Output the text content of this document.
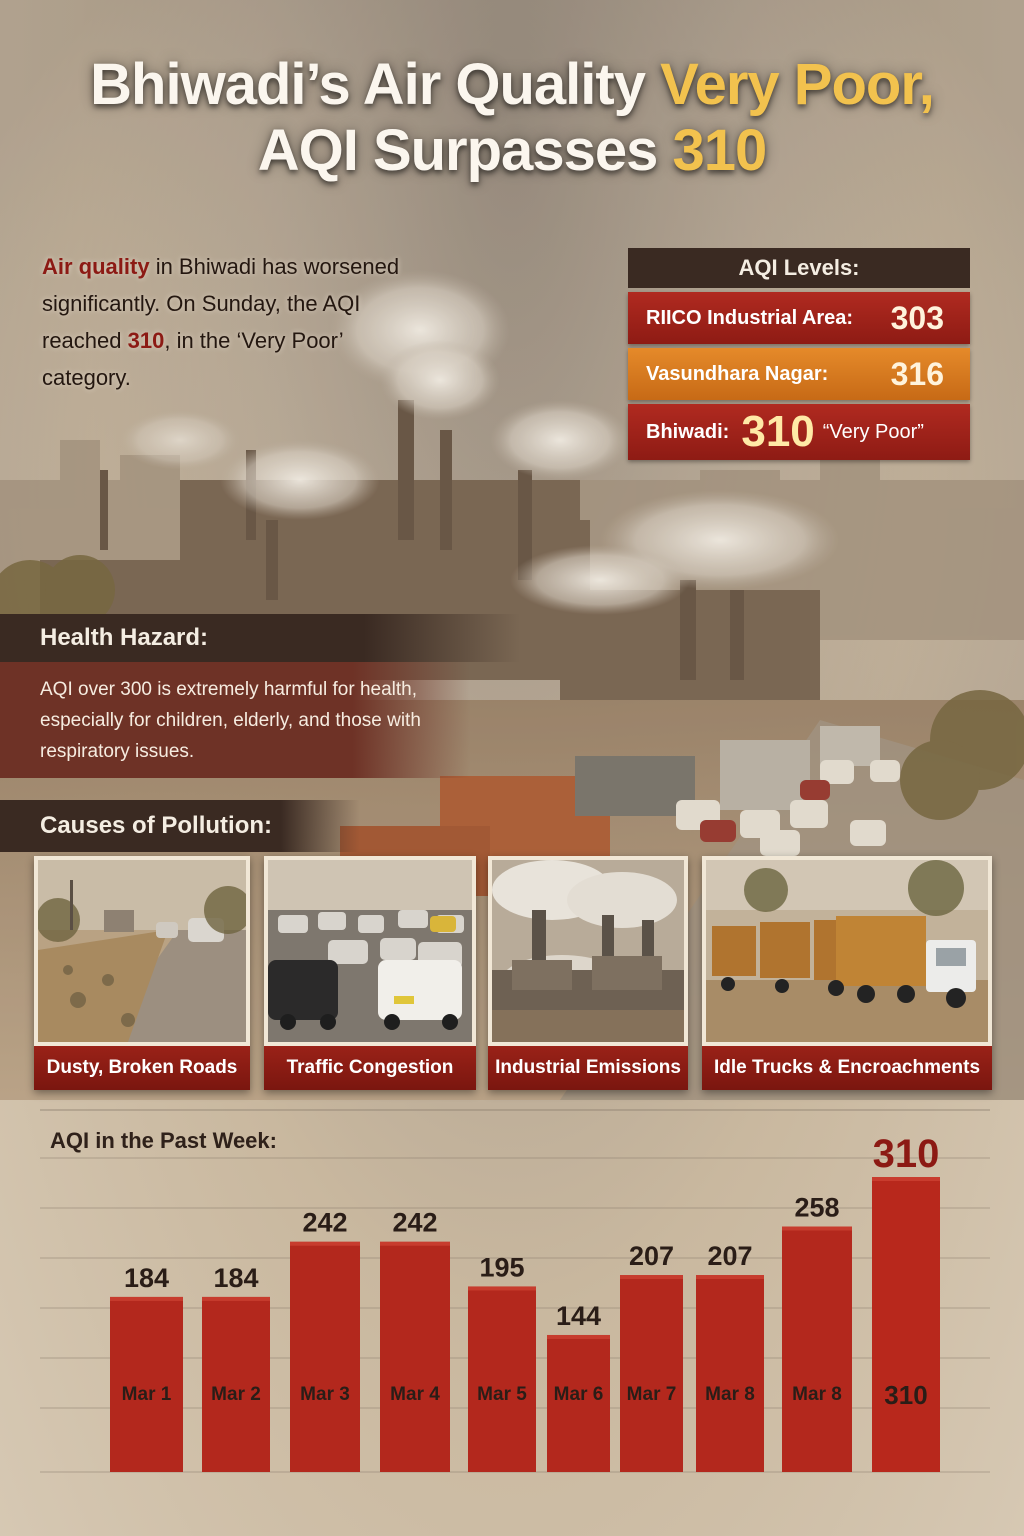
Bhiwadi’s Air Quality Very Poor,
AQI Surpasses 310
Air quality in Bhiwadi has worsened significantly. On Sunday, the AQI reached 310, in the ‘Very Poor’ category.
AQI Levels:
RIICO Industrial Area: 303
Vasundhara Nagar: 316
Bhiwadi: 310 “Very Poor”
Health Hazard:
AQI over 300 is extremely harmful for health, especially for children, elderly, and those with respiratory issues.
Causes of Pollution:
Dusty, Broken Roads	Traffic Congestion	Industrial Emissions	Idle Trucks & Encroachments
184
Mar 1
184
Mar 2
242
Mar 3
242
Mar 4
195
Mar 5
144
Mar 6
207
Mar 7
207
Mar 8
258
Mar 8
310
310
AQI in the Past Week:
